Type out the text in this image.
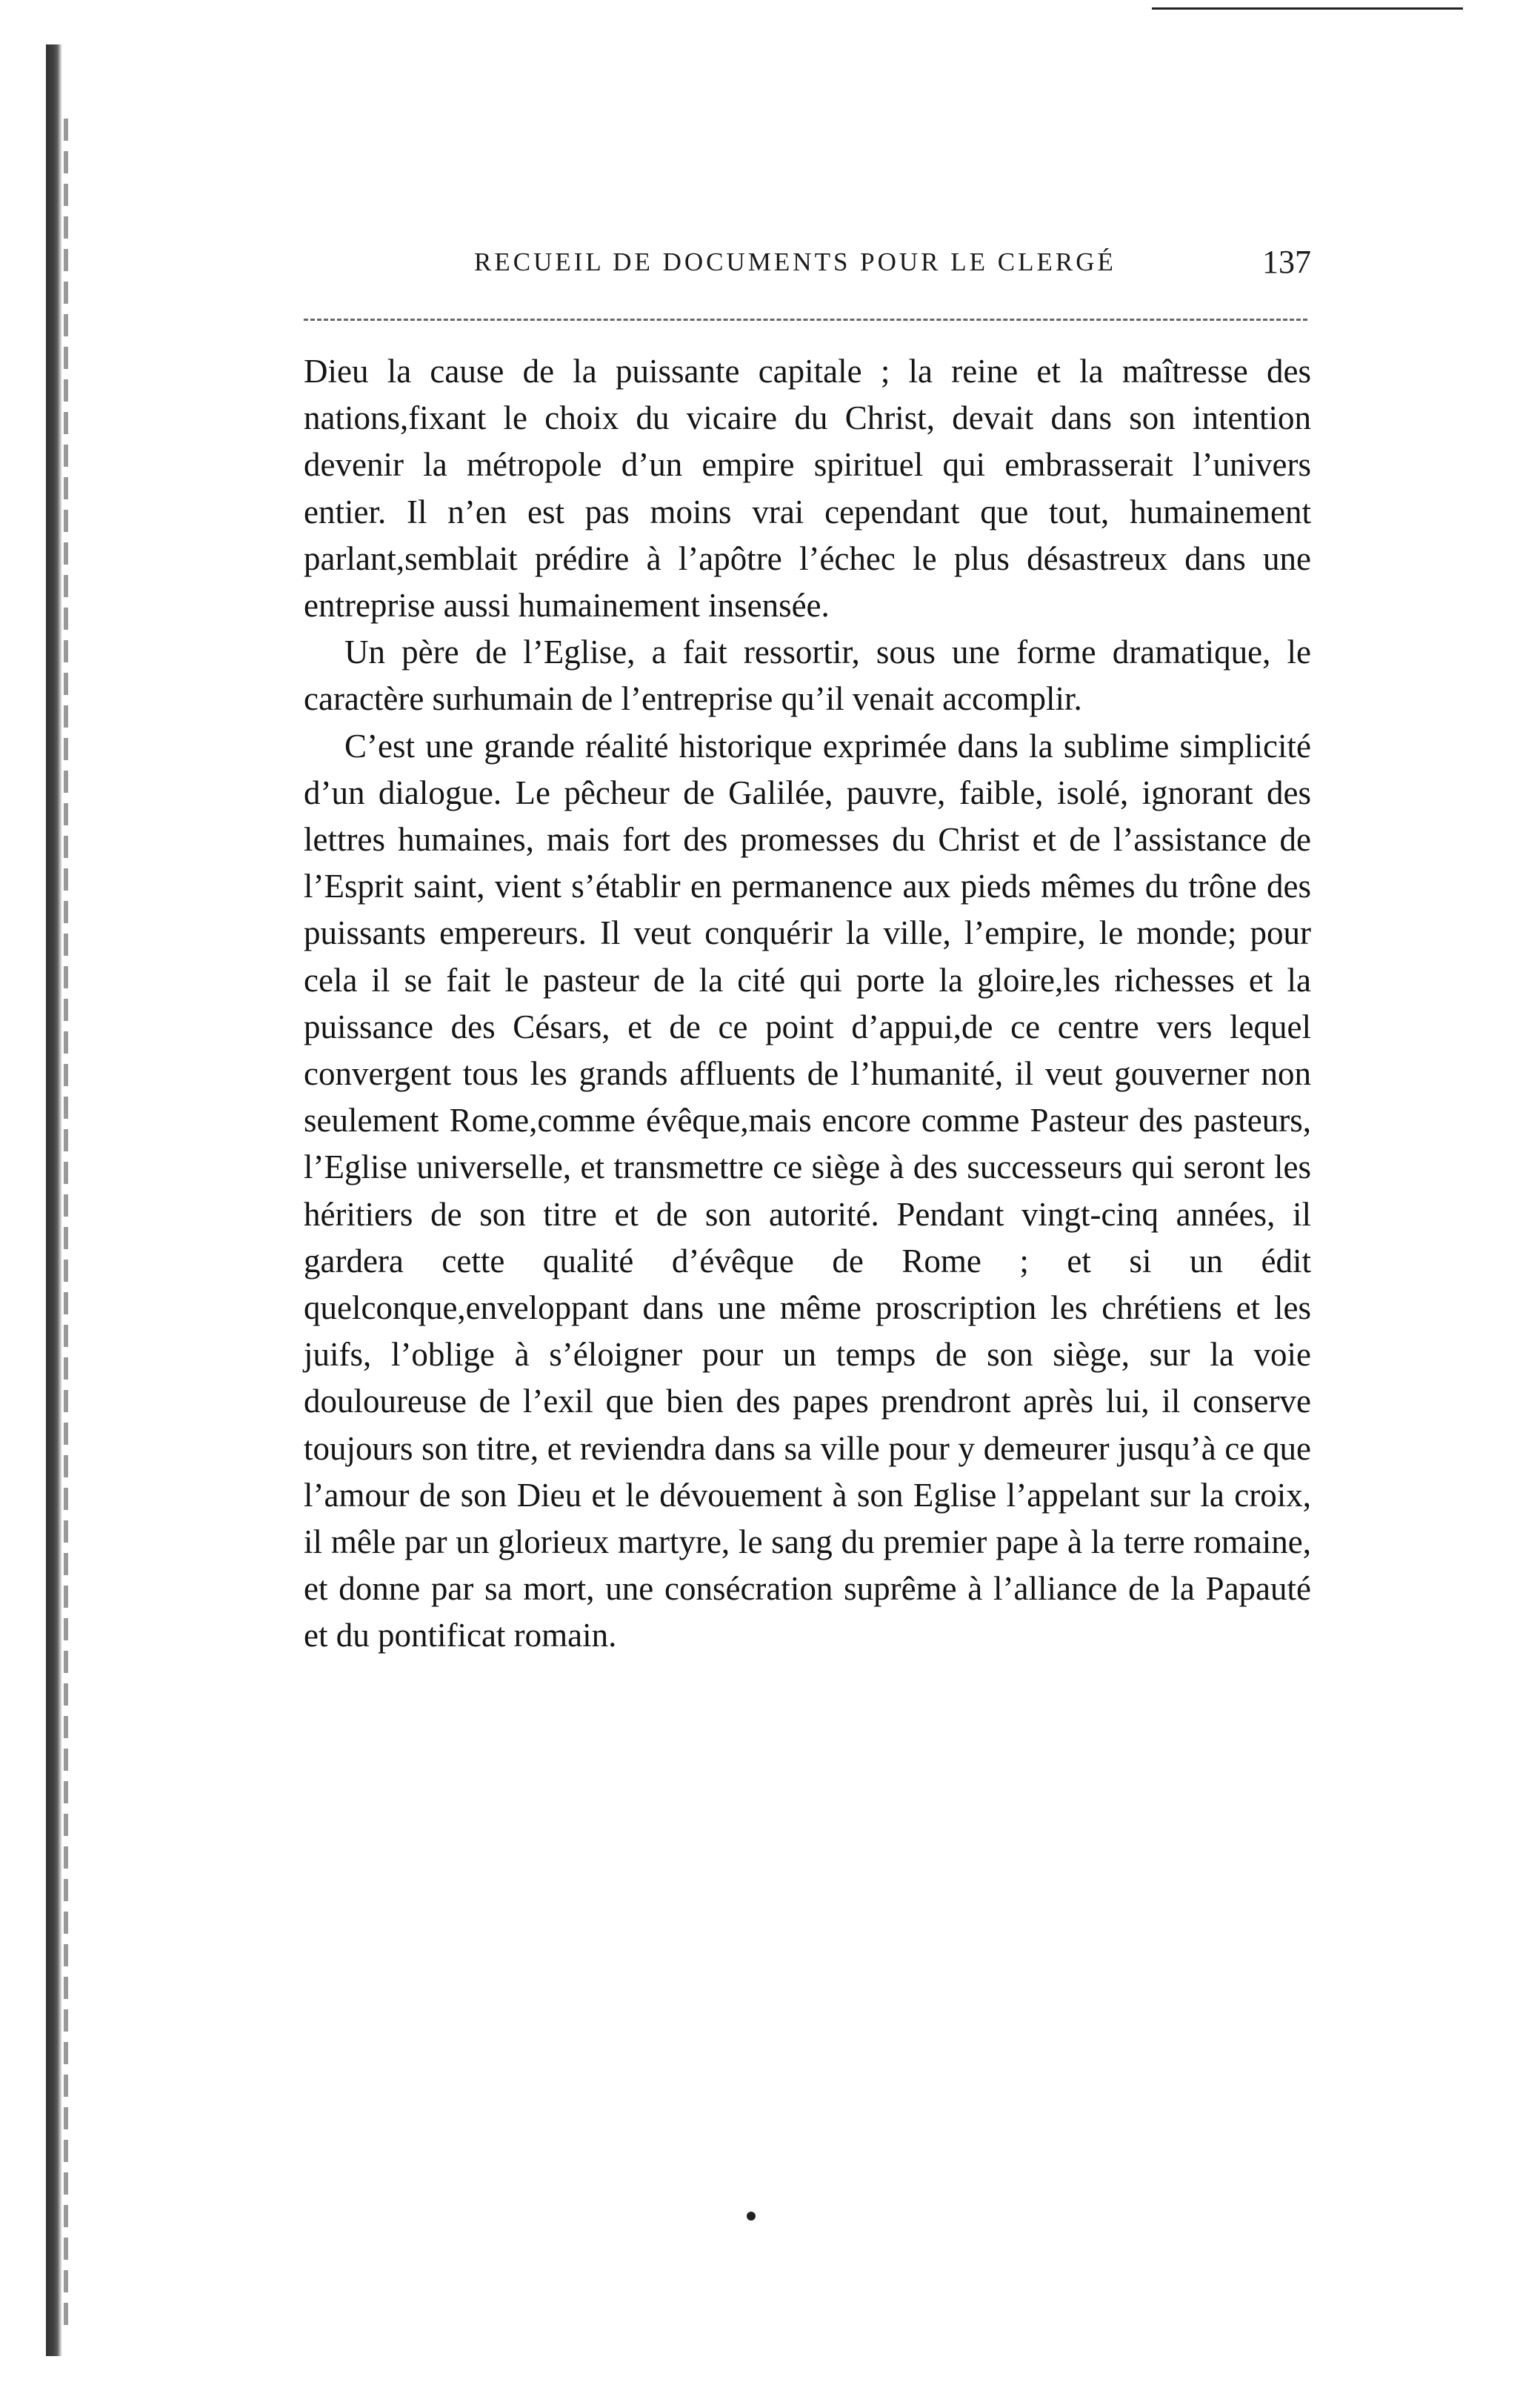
RECUEIL DE DOCUMENTS POUR LE CLERGÉ	137

Dieu la cause de la puissante capitale ; la reine et la maîtresse des nations,fixant le choix du vicaire du Christ, devait dans son intention devenir la métropole d’un empire spirituel qui embrasserait l’univers entier. Il n’en est pas moins vrai cependant que tout, humainement parlant,semblait prédire à l’apôtre l’échec le plus désastreux dans une entreprise aussi humainement insensée.

Un père de l’Eglise, a fait ressortir, sous une forme dramatique, le caractère surhumain de l’entreprise qu’il venait accomplir.

C’est une grande réalité historique exprimée dans la sublime simplicité d’un dialogue. Le pêcheur de Galilée, pauvre, faible, isolé, ignorant des lettres humaines, mais fort des promesses du Christ et de l’assistance de l’Esprit saint, vient s’établir en permanence aux pieds mêmes du trône des puissants empereurs. Il veut conquérir la ville, l’empire, le monde; pour cela il se fait le pasteur de la cité qui porte la gloire,les richesses et la puissance des Césars, et de ce point d’appui,de ce centre vers lequel convergent tous les grands affluents de l’humanité, il veut gouverner non seulement Rome,comme évêque,mais encore comme Pasteur des pasteurs, l’Eglise universelle, et transmettre ce siège à des successeurs qui seront les héritiers de son titre et de son autorité. Pendant vingt-cinq années, il gardera cette qualité d’évêque de Rome ; et si un édit quelconque,enveloppant dans une même proscription les chrétiens et les juifs, l’oblige à s’éloigner pour un temps de son siège, sur la voie douloureuse de l’exil que bien des papes prendront après lui, il conserve toujours son titre, et reviendra dans sa ville pour y demeurer jusqu’à ce que l’amour de son Dieu et le dévouement à son Eglise l’appelant sur la croix, il mêle par un glorieux martyre, le sang du premier pape à la terre romaine, et donne par sa mort, une consécration suprême à l’alliance de la Papauté et du pontificat romain.
